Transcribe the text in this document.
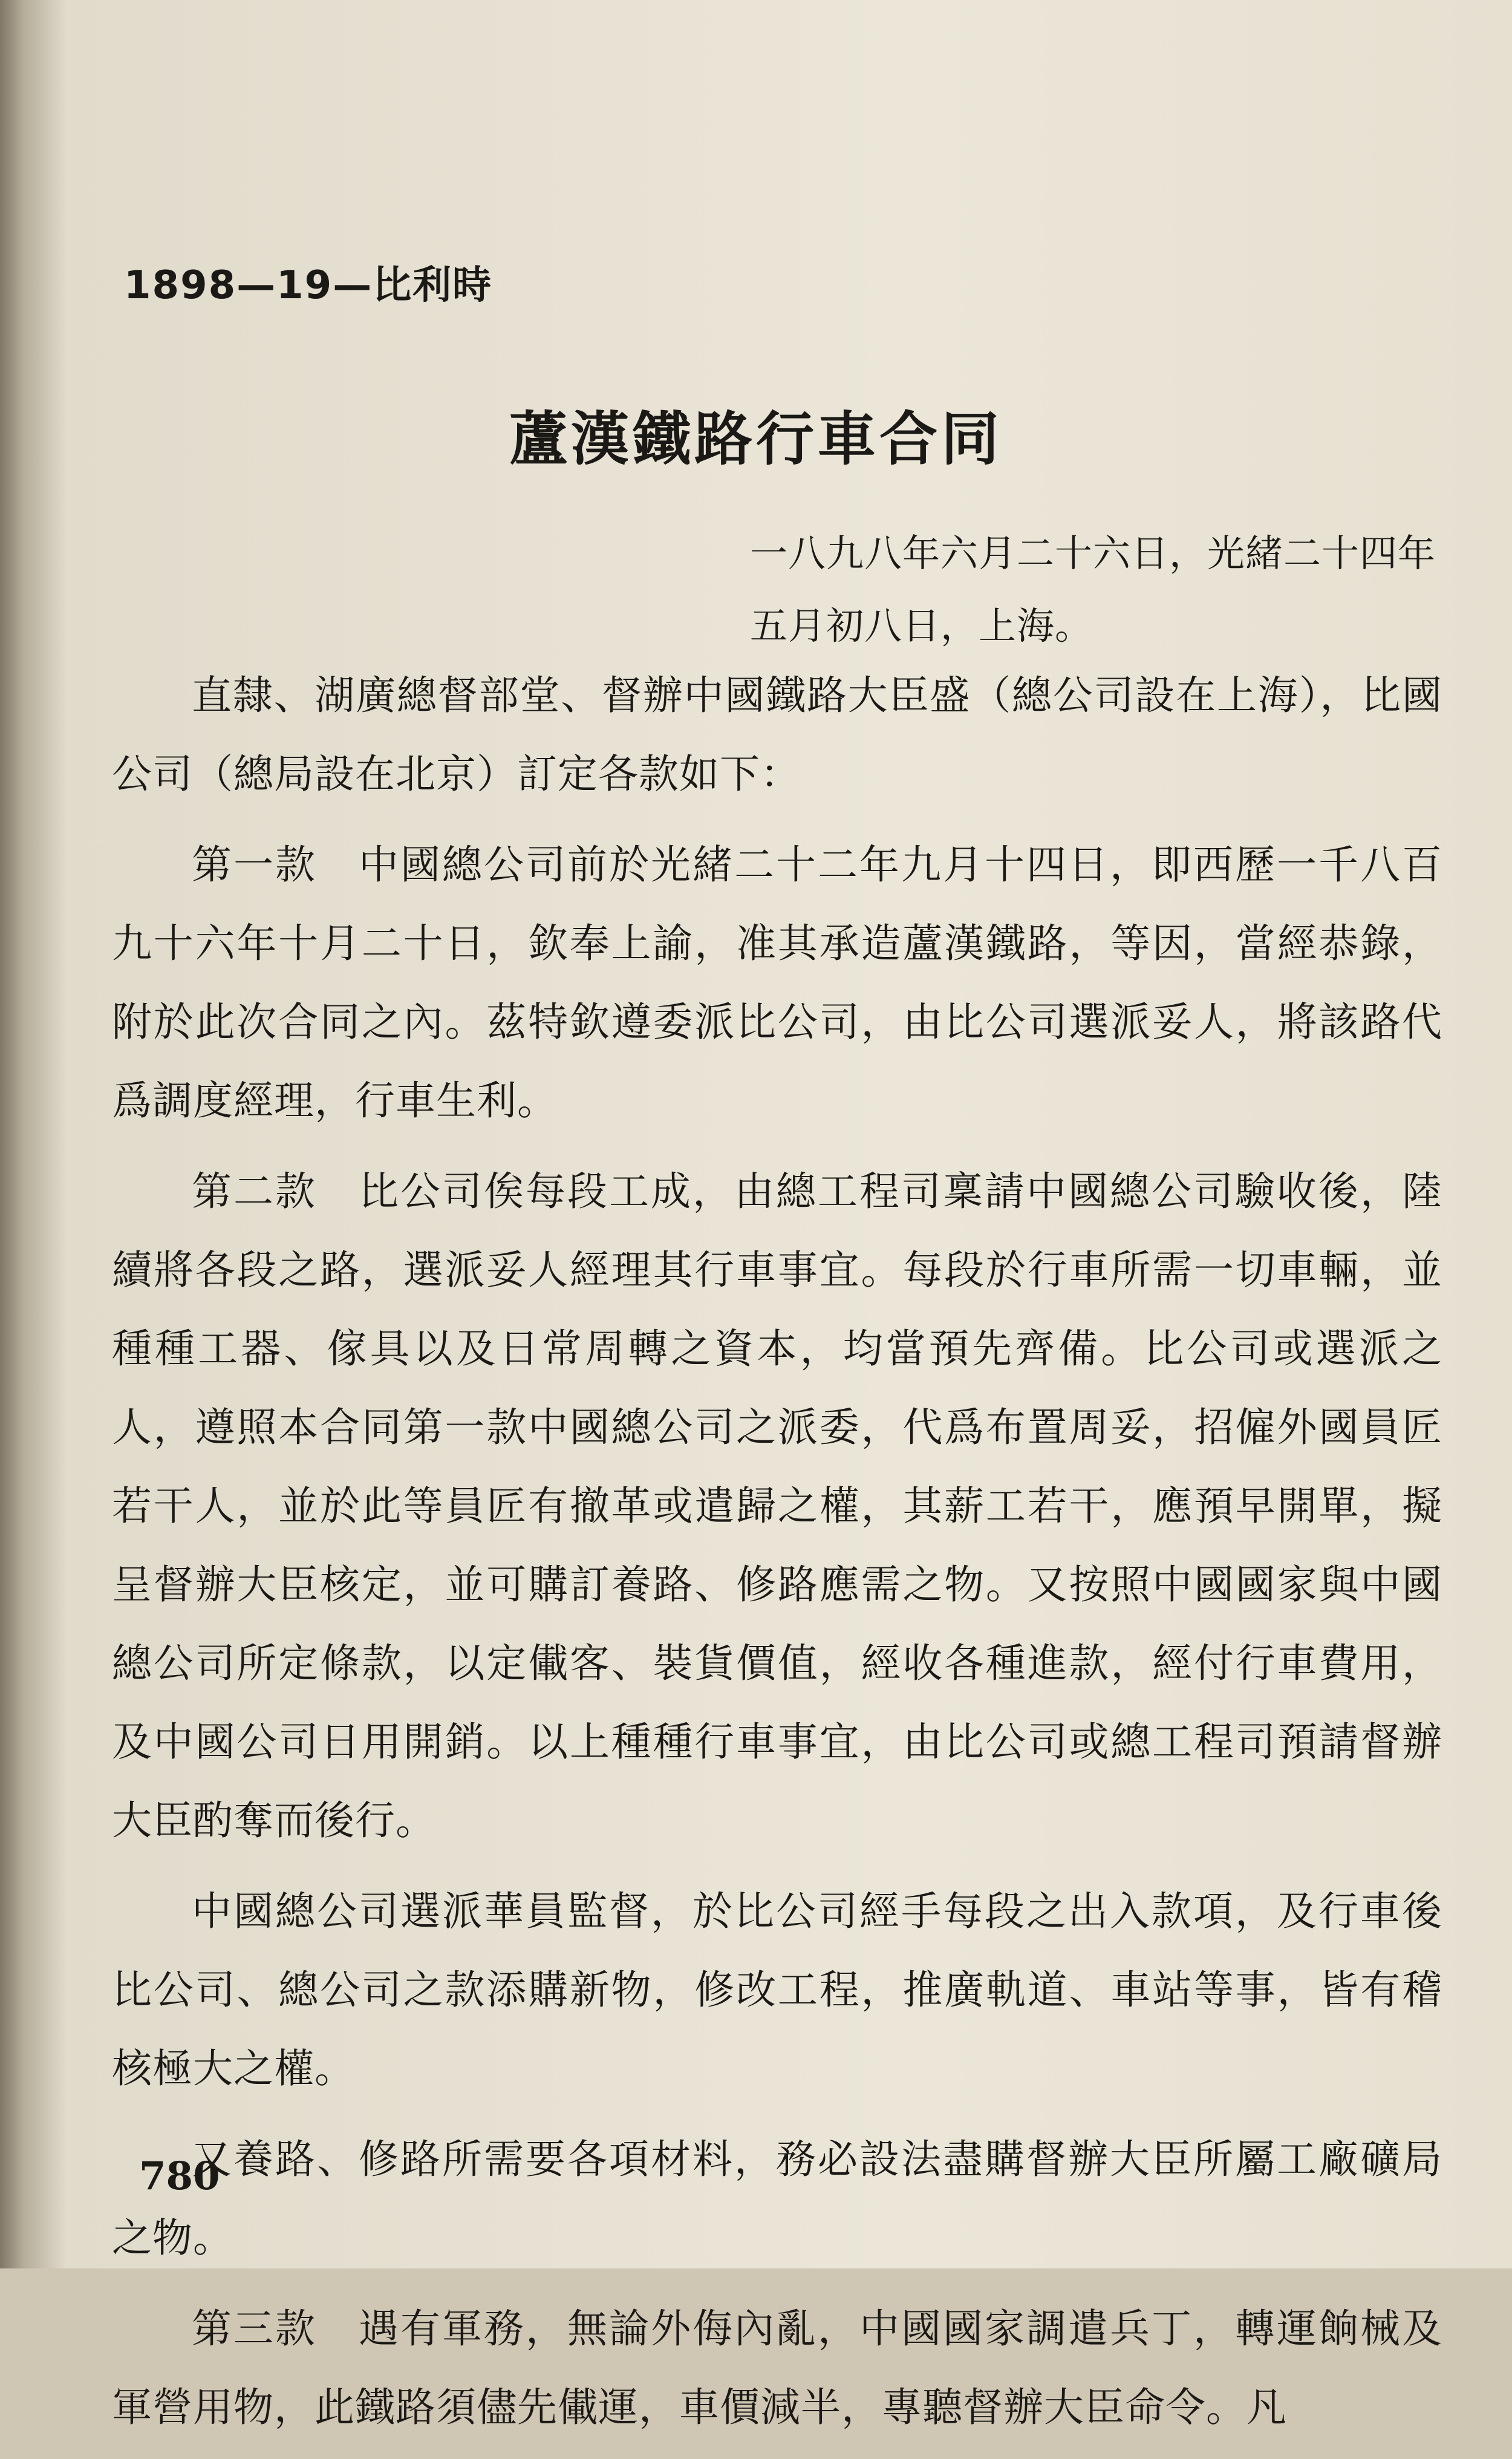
1898—19—比利時
蘆漢鐵路行車合同
一八九八年六月二十六日，光緒二十四年
五月初八日，上海。

直隸、湖廣總督部堂、督辦中國鐵路大臣盛（總公司設在上海），比國公司（總局設在北京）訂定各款如下：

第一款　中國總公司前於光緒二十二年九月十四日，即西歷一千八百九十六年十月二十日，欽奉上諭，准其承造蘆漢鐵路，等因，當經恭錄，附於此次合同之內。茲特欽遵委派比公司，由比公司選派妥人，將該路代爲調度經理，行車生利。

第二款　比公司俟每段工成，由總工程司稟請中國總公司驗收後，陸續將各段之路，選派妥人經理其行車事宜。每段於行車所需一切車輛，並種種工器、傢具以及日常周轉之資本，均當預先齊備。比公司或選派之人，遵照本合同第一款中國總公司之派委，代爲布置周妥，招僱外國員匠若干人，並於此等員匠有撤革或遣歸之權，其薪工若干，應預早開單，擬呈督辦大臣核定，並可購訂養路、修路應需之物。又按照中國國家與中國總公司所定條款，以定儎客、裝貨價值，經收各種進款，經付行車費用，及中國公司日用開銷。以上種種行車事宜，由比公司或總工程司預請督辦大臣酌奪而後行。

中國總公司選派華員監督，於比公司經手每段之出入款項，及行車後比公司、總公司之款添購新物，修改工程，推廣軌道、車站等事，皆有稽核極大之權。

又養路、修路所需要各項材料，務必設法盡購督辦大臣所屬工廠礦局之物。

第三款　遇有軍務，無論外侮內亂，中國國家調遣兵丁，轉運餉械及軍營用物，此鐵路須儘先儎運，車價減半，專聽督辦大臣命令。凡

780
